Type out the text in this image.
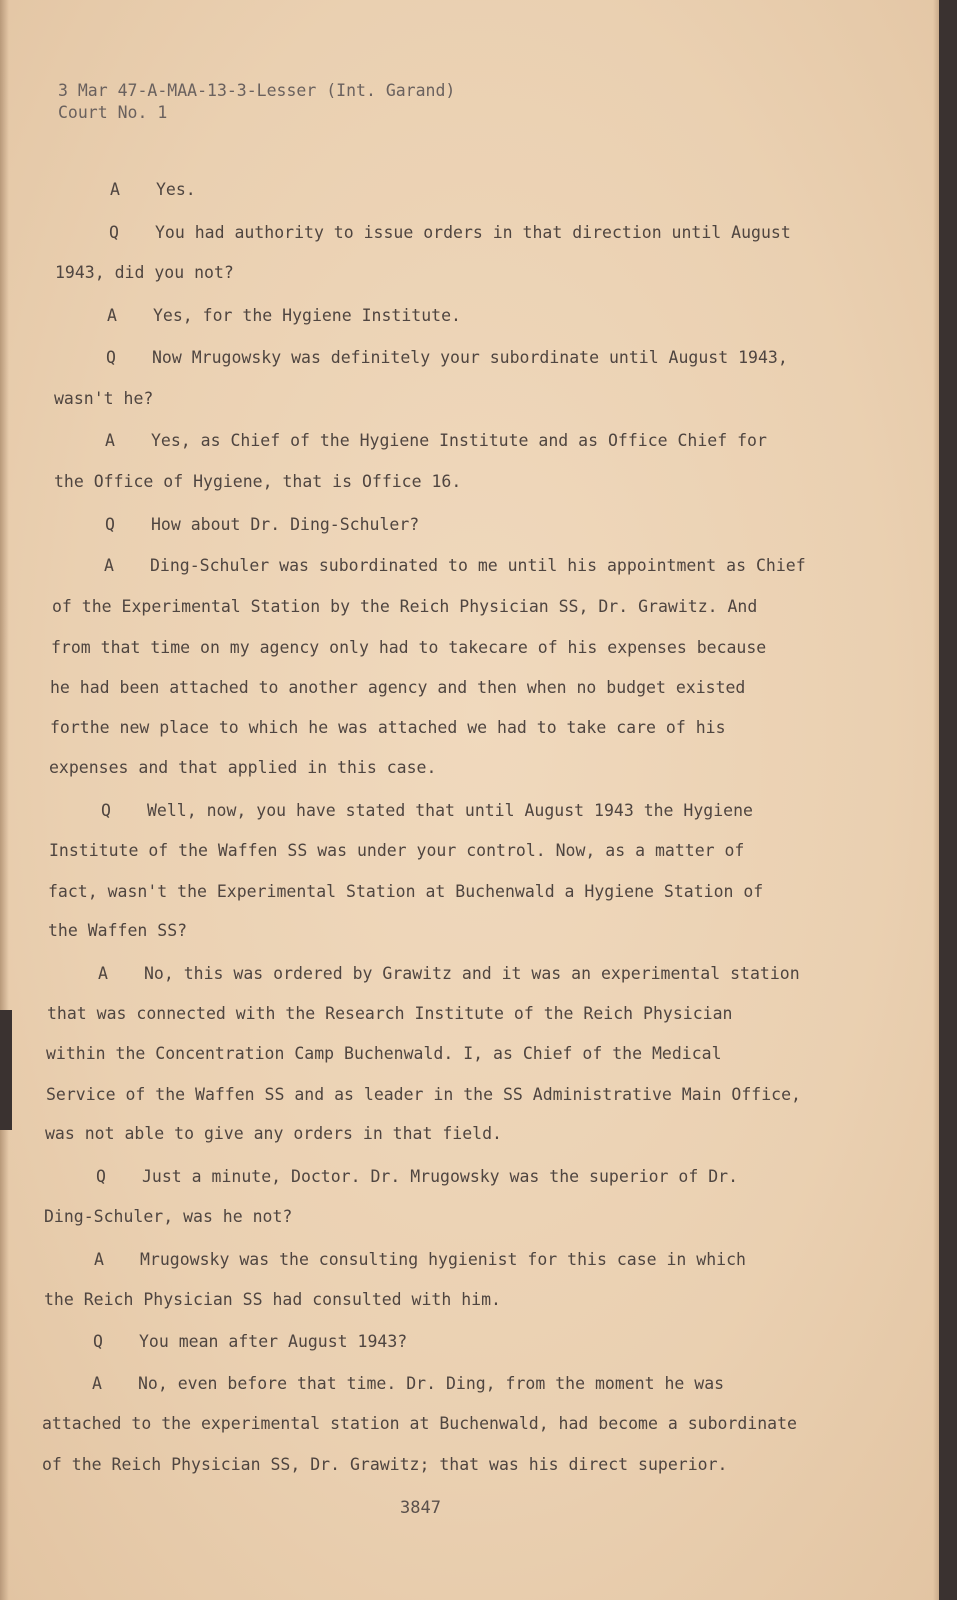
3 Mar 47-A-MAA-13-3-Lesser (Int. Garand)
Court No. 1
A Yes.
Q You had authority to issue orders in that direction until August
1943, did you not?
A Yes, for the Hygiene Institute.
Q Now Mrugowsky was definitely your subordinate until August 1943,
wasn't he?
A Yes, as Chief of the Hygiene Institute and as Office Chief for
the Office of Hygiene, that is Office 16.
Q How about Dr. Ding-Schuler?
A Ding-Schuler was subordinated to me until his appointment as Chief
of the Experimental Station by the Reich Physician SS, Dr. Grawitz. And
from that time on my agency only had to takecare of his expenses because
he had been attached to another agency and then when no budget existed
forthe new place to which he was attached we had to take care of his
expenses and that applied in this case.
Q Well, now, you have stated that until August 1943 the Hygiene
Institute of the Waffen SS was under your control. Now, as a matter of
fact, wasn't the Experimental Station at Buchenwald a Hygiene Station of
the Waffen SS?
A No, this was ordered by Grawitz and it was an experimental station
that was connected with the Research Institute of the Reich Physician
within the Concentration Camp Buchenwald. I, as Chief of the Medical
Service of the Waffen SS and as leader in the SS Administrative Main Office,
was not able to give any orders in that field.
Q Just a minute, Doctor. Dr. Mrugowsky was the superior of Dr.
Ding-Schuler, was he not?
A Mrugowsky was the consulting hygienist for this case in which
the Reich Physician SS had consulted with him.
Q You mean after August 1943?
A No, even before that time. Dr. Ding, from the moment he was
attached to the experimental station at Buchenwald, had become a subordinate
of the Reich Physician SS, Dr. Grawitz; that was his direct superior.
3847
